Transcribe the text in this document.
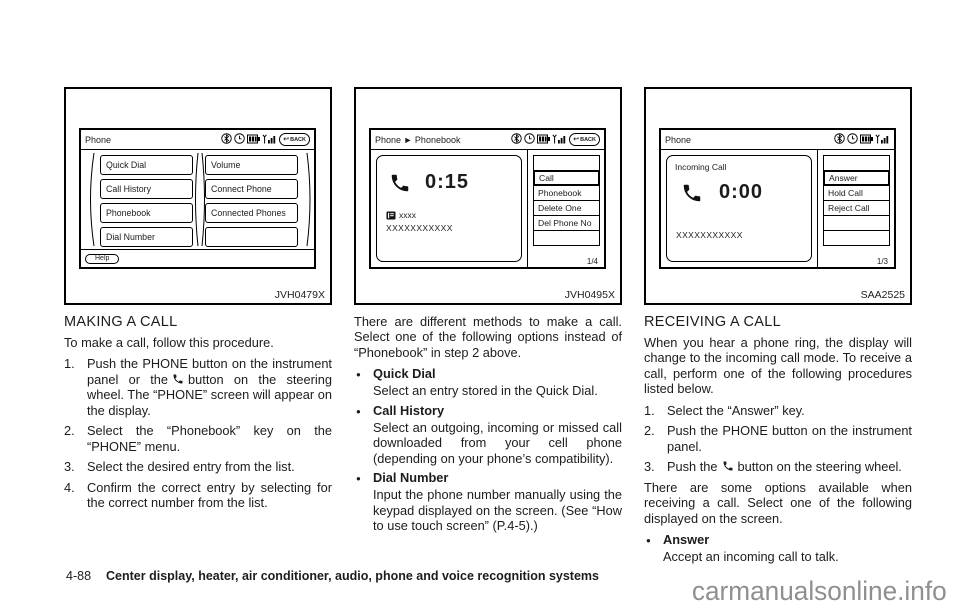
Phone	↩ BACK
Quick Dial
Call History
Phonebook
Dial Number
Volume
Connect Phone
Connected Phones
Help
JVH0479X
MAKING A CALL

To make a call, follow this procedure.

1. Push the PHONE button on the instrument panel or the button on the steering wheel. The “PHONE” screen will appear on the display.
2. Select the “Phonebook” key on the “PHONE” menu.
3. Select the desired entry from the list.
4. Confirm the correct entry by selecting for the correct number from the list.
Phone ► Phonebook	↩ BACK
0:15
xxxx
XXXXXXXXXXX
Call
Phonebook
Delete One
Del Phone No
1/4
JVH0495X

There are different methods to make a call. Select one of the following options instead of “Phonebook” in step 2 above.

● Quick Dial
Select an entry stored in the Quick Dial.
● Call History
Select an outgoing, incoming or missed call downloaded from your cell phone (depending on your phone’s compatibility).
● Dial Number
Input the phone number manually using the keypad displayed on the screen. (See “How to use touch screen” (P.4-5).)
Phone
Incoming Call
0:00
XXXXXXXXXXX
Answer
Hold Call
Reject Call
1/3
SAA2525
RECEIVING A CALL

When you hear a phone ring, the display will change to the incoming call mode. To receive a call, perform one of the following procedures listed below.

1. Select the “Answer” key.
2. Push the PHONE button on the instrument panel.
3. Push the button on the steering wheel.

There are some options available when receiving a call. Select one of the following displayed on the screen.

● Answer
Accept an incoming call to talk.
4-88 Center display, heater, air conditioner, audio, phone and voice recognition systems	carmanualsonline.info
